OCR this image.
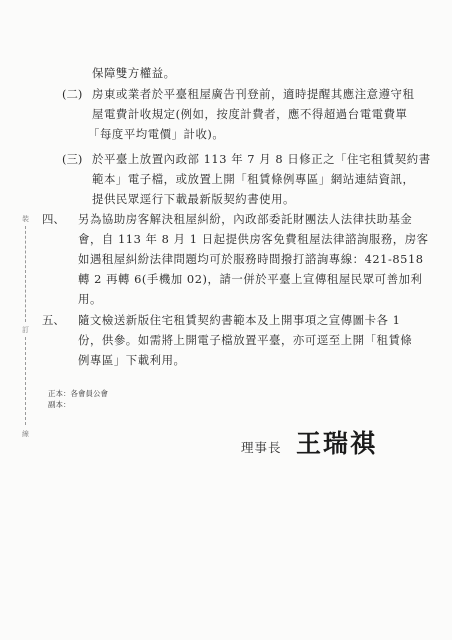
裝
訂
線
保障雙方權益。
(二) 房東或業者於平臺租屋廣告刊登前，適時提醒其應注意遵守租
屋電費計收規定(例如，按度計費者，應不得超過台電電費單
「每度平均電價」計收)。
(三) 於平臺上放置內政部 113 年 7 月 8 日修正之「住宅租賃契約書
範本」電子檔，或放置上開「租賃條例專區」網站連結資訊，
提供民眾逕行下載最新版契約書使用。
四、 另為協助房客解決租屋糾紛，內政部委託財團法人法律扶助基金
會，自 113 年 8 月 1 日起提供房客免費租屋法律諮詢服務，房客
如遇租屋糾紛法律問題均可於服務時間撥打諮詢專線：421-8518
轉 2 再轉 6(手機加 02)，請一併於平臺上宣傳租屋民眾可善加利
用。
五、 隨文檢送新版住宅租賃契約書範本及上開事項之宣傳圖卡各 1
份，供參。如需將上開電子檔放置平臺，亦可逕至上開「租賃條
例專區」下載利用。
正本：各會員公會
副本：
理事長 王瑞祺
